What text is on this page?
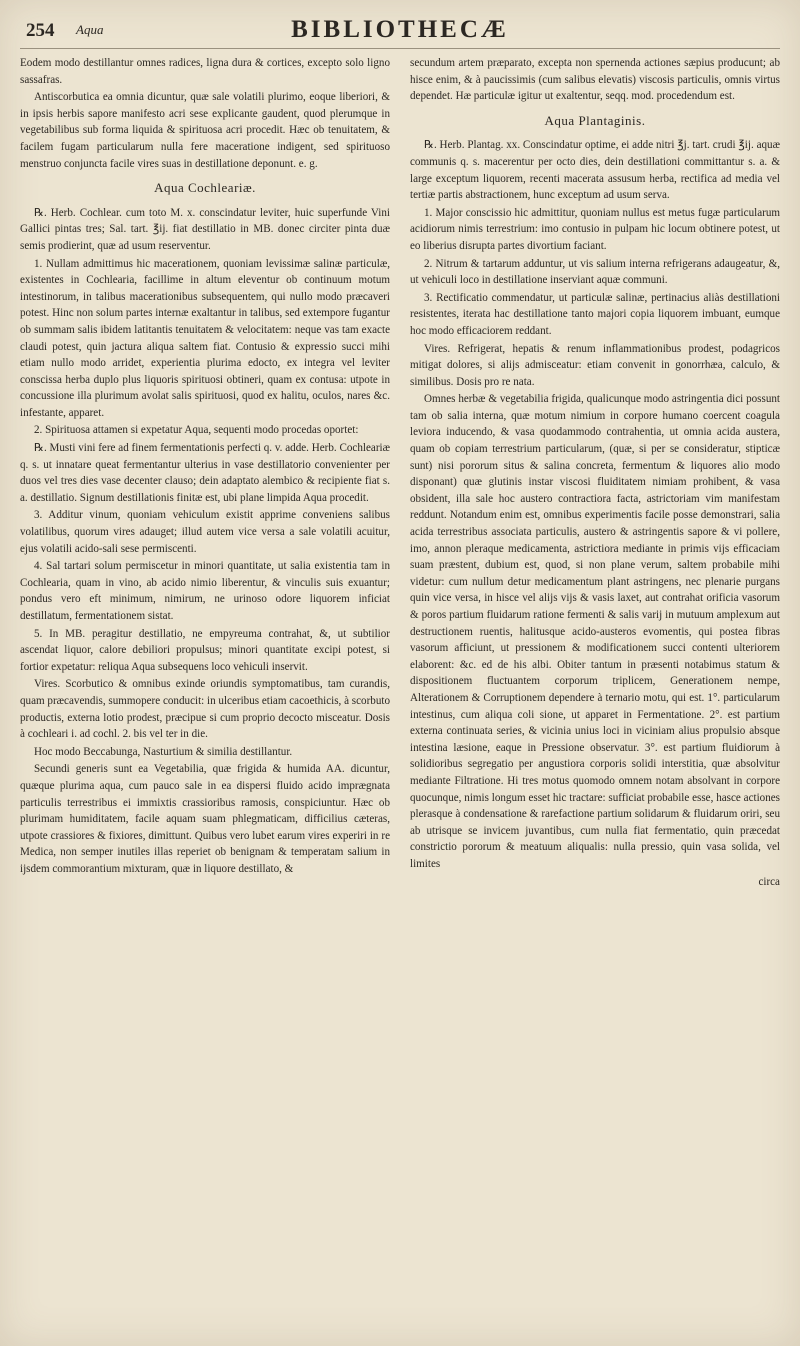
254 Aqua	BIBLIOTHECÆ

Eodem modo destillantur omnes radices, ligna dura & cortices, excepto solo ligno sassafras.

Antiscorbutica ea omnia dicuntur, quæ sale volatili plurimo, eoque liberiori, & in ipsis herbis sapore manifesto acri sese explicante gaudent, quod plerumque in vegetabilibus sub forma liquida & spirituosa acri procedit. Hæc ob tenuitatem, & facilem fugam particularum nulla fere maceratione indigent, sed spirituoso menstruo conjuncta facile vires suas in destillatione deponunt. e. g.

Aqua Cochleariæ.

℞. Herb. Cochlear. cum toto M. x. conscindatur leviter, huic superfunde Vini Gallici pintas tres; Sal. tart. ℥ij. fiat destillatio in MB. donec circiter pinta duæ semis prodierint, quæ ad usum reserventur.

1. Nullam admittimus hic macerationem, quoniam levissimæ salinæ particulæ, existentes in Cochlearia, facillime in altum eleventur ob continuum motum intestinorum, in talibus macerationibus subsequentem, qui nullo modo præcaveri potest. Hinc non solum partes internæ exaltantur in talibus, sed extempore fugantur ob summam salis ibidem latitantis tenuitatem & velocitatem: neque vas tam exacte claudi potest, quin jactura aliqua saltem fiat. Contusio & expressio succi mihi etiam nullo modo arridet, experientia plurima edocto, ex integra vel leviter conscissa herba duplo plus liquoris spirituosi obtineri, quam ex contusa: utpote in concussione illa plurimum avolat salis spirituosi, quod ex halitu, oculos, nares &c. infestante, apparet.

2. Spirituosa attamen si expetatur Aqua, sequenti modo procedas oportet:

℞. Musti vini fere ad finem fermentationis perfecti q. v. adde. Herb. Cochleariæ q. s. ut innatare queat fermentantur ulterius in vase destillatorio convenienter per duos vel tres dies vase decenter clauso; dein adaptato alembico & recipiente fiat s. a. destillatio. Signum destillationis finitæ est, ubi plane limpida Aqua procedit.

3. Additur vinum, quoniam vehiculum existit apprime conveniens salibus volatilibus, quorum vires adauget; illud autem vice versa a sale volatili acuitur, ejus volatili acido-sali sese permiscenti.

4. Sal tartari solum permiscetur in minori quantitate, ut salia existentia tam in Cochlearia, quam in vino, ab acido nimio liberentur, & vinculis suis exuantur; pondus vero eft minimum, nimirum, ne urinoso odore liquorem inficiat destillatum, fermentationem sistat.

5. In MB. peragitur destillatio, ne empyreuma contrahat, &, ut subtilior ascendat liquor, calore debiliori propulsus; minori quantitate excipi potest, si fortior expetatur: reliqua Aqua subsequens loco vehiculi inservit.

Vires. Scorbutico & omnibus exinde oriundis symptomatibus, tam curandis, quam præcavendis, summopere conducit: in ulceribus etiam cacoethicis, à scorbuto productis, externa lotio prodest, præcipue si cum proprio decocto misceatur. Dosis à cochleari i. ad cochl. 2. bis vel ter in die.

Hoc modo Beccabunga, Nasturtium & similia destillantur.

Secundi generis sunt ea Vegetabilia, quæ frigida & humida AA. dicuntur, quæque plurima aqua, cum pauco sale in ea dispersi fluido acido imprægnata particulis terrestribus ei immixtis crassioribus ramosis, conspiciuntur. Hæc ob plurimam humiditatem, facile aquam suam phlegmaticam, difficilius cæteras, utpote crassiores & fixiores, dimittunt. Quibus vero lubet earum vires experiri in re Medica, non semper inutiles illas reperiet ob benignam & temperatam salium in ijsdem commorantium mixturam, quæ in liquore destillato, &

secundum artem præparato, excepta non spernenda actiones sæpius producunt; ab hisce enim, & à paucissimis (cum salibus elevatis) viscosis particulis, omnis virtus dependet. Hæ particulæ igitur ut exaltentur, seqq. mod. procedendum est.

Aqua Plantaginis.

℞. Herb. Plantag. xx. Conscindatur optime, ei adde nitri ℥j. tart. crudi ℥ij. aquæ communis q. s. macerentur per octo dies, dein destillationi committantur s. a. & large exceptum liquorem, recenti macerata assusum herba, rectifica ad media vel tertiæ partis abstractionem, hunc exceptum ad usum serva.

1. Major conscissio hic admittitur, quoniam nullus est metus fugæ particularum acidiorum nimis terrestrium: imo contusio in pulpam hic locum obtinere potest, ut eo liberius disrupta partes divortium faciant.

2. Nitrum & tartarum adduntur, ut vis salium interna refrigerans adaugeatur, &, ut vehiculi loco in destillatione inserviant aquæ communi.

3. Rectificatio commendatur, ut particulæ salinæ, pertinacius aliàs destillationi resistentes, iterata hac destillatione tanto majori copia liquorem imbuant, eumque hoc modo efficaciorem reddant.

Vires. Refrigerat, hepatis & renum inflammationibus prodest, podagricos mitigat dolores, si alijs admisceatur: etiam convenit in gonorrhæa, calculo, & similibus. Dosis pro re nata.

Omnes herbæ & vegetabilia frigida, qualicunque modo astringentia dici possunt tam ob salia interna, quæ motum nimium in corpore humano coercent coagula leviora inducendo, & vasa quodammodo contrahentia, ut omnia acida austera, quam ob copiam terrestrium particularum, (quæ, si per se consideratur, stipticæ sunt) nisi pororum situs & salina concreta, fermentum & liquores alio modo disponant) quæ glutinis instar viscosi fluiditatem nimiam prohibent, & vasa obsident, illa sale hoc austero contractiora facta, astrictoriam vim manifestam reddunt. Notandum enim est, omnibus experimentis facile posse demonstrari, salia acida terrestribus associata particulis, austero & astringentis sapore & vi pollere, imo, annon pleraque medicamenta, astrictiora mediante in primis vijs efficaciam suam præstent, dubium est, quod, si non plane verum, saltem probabile mihi videtur: cum nullum detur medicamentum plant astringens, nec plenarie purgans quin vice versa, in hisce vel alijs vijs & vasis laxet, aut contrahat orificia vasorum & poros partium fluidarum ratione fermenti & salis varij in mutuum amplexum aut destructionem ruentis, halitusque acido-austeros evomentis, qui postea fibras vasorum afficiunt, ut pressionem & modificationem succi contenti ulteriorem elaborent: &c. ed de his albi. Obiter tantum in præsenti notabimus statum & dispositionem fluctuantem corporum triplicem, Generationem nempe, Alterationem & Corruptionem dependere à ternario motu, qui est. 1°. particularum intestinus, cum aliqua coli sione, ut apparet in Fermentatione. 2°. est partium externa continuata series, & vicinia unius loci in viciniam alius propulsio absque intestina læsione, eaque in Pressione observatur. 3°. est partium fluidiorum à solidioribus segregatio per angustiora corporis solidi interstitia, quæ absolvitur mediante Filtratione. Hi tres motus quomodo omnem notam absolvant in corpore quocunque, nimis longum esset hic tractare: sufficiat probabile esse, hasce actiones plerasque à condensatione & rarefactione partium solidarum & fluidarum oriri, seu ab utrisque se invicem juvantibus, cum nulla fiat fermentatio, quin præcedat constrictio pororum & meatuum aliqualis: nulla pressio, quin vasa solida, vel limites

circa
